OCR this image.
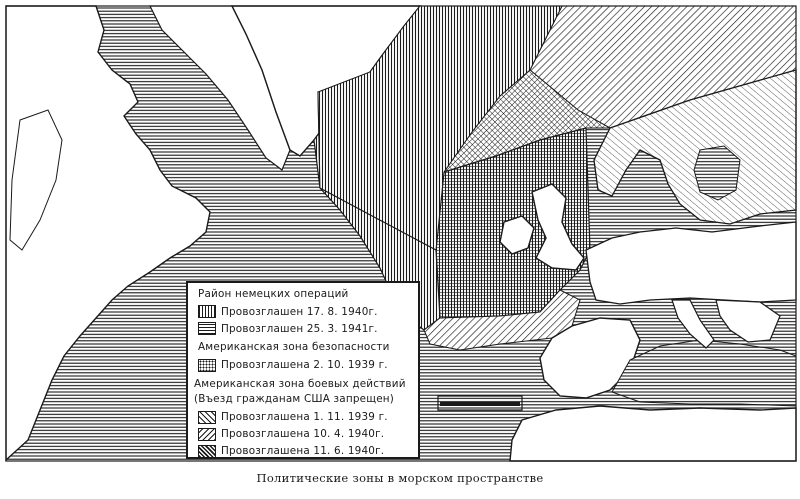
Район немецких операций
Провозглашен 17. 8. 1940г.
Провозглашен 25. 3. 1941г.
Американская зона безопасности
Провозглашена 2. 10. 1939 г.
Американская зона боевых действий
(Въезд гражданам США запрещен)
Провозглашена 1. 11. 1939 г.
Провозглашена 10. 4. 1940г.
Провозглашена 11. 6. 1940г.
Политические зоны в морском пространстве
